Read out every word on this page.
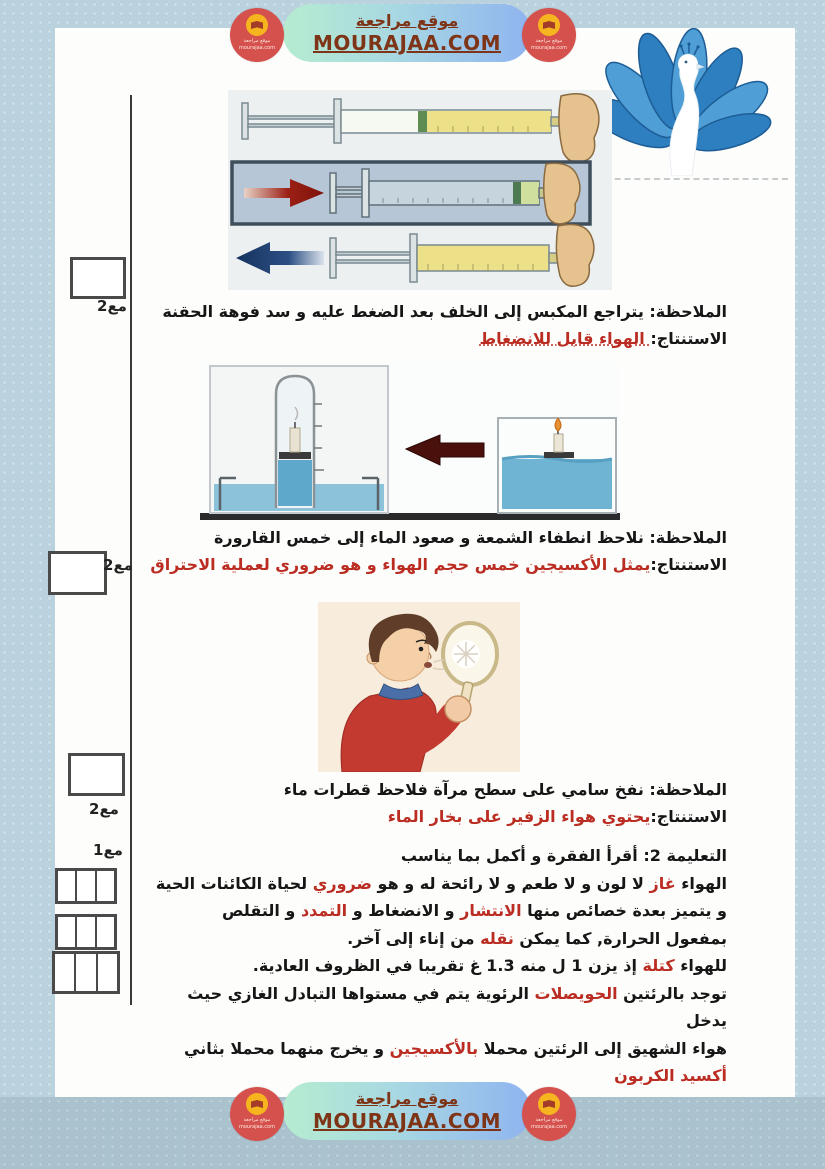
موقع مراجعة
MOURAJAA.COM
موقع مراجعة
mourajaa.com
موقع مراجعة
mourajaa.com
مع2
مع2
مع2
مع1
الملاحظة: يتراجع المكبس إلى الخلف بعد الضغط عليه و سد فوهة الحقنة
الاستنتاج: الهواء قابل للانضغاط
الملاحظة: نلاحظ انطفاء الشمعة و صعود الماء إلى خمس القارورة
الاستنتاج:يمثل الأكسيجين خمس حجم الهواء و هو ضروري لعملية الاحتراق
الملاحظة: نفخ سامي على سطح مرآة فلاحظ قطرات ماء
الاستنتاج:يحتوي هواء الزفير على بخار الماء
التعليمة 2: أقرأ الفقرة و أكمل بما يناسب
الهواء غاز لا لون و لا طعم و لا رائحة له و هو ضروري لحياة الكائنات الحية
و يتميز بعدة خصائص منها الانتشار و الانضغاط و التمدد و التقلص
بمفعول الحرارة, كما يمكن نقله من إناء إلى آخر.
للهواء كتلة إذ يزن 1 ل منه 1.3 غ تقريبا في الظروف العادية.
توجد بالرئتين الحويصلات الرئوية يتم في مستواها التبادل الغازي حيث يدخل
هواء الشهيق إلى الرئتين محملا بالأكسيجين و يخرج منهما محملا بثاني
أكسيد الكربون
موقع مراجعة
MOURAJAA.COM
موقع مراجعة
mourajaa.com
موقع مراجعة
mourajaa.com
